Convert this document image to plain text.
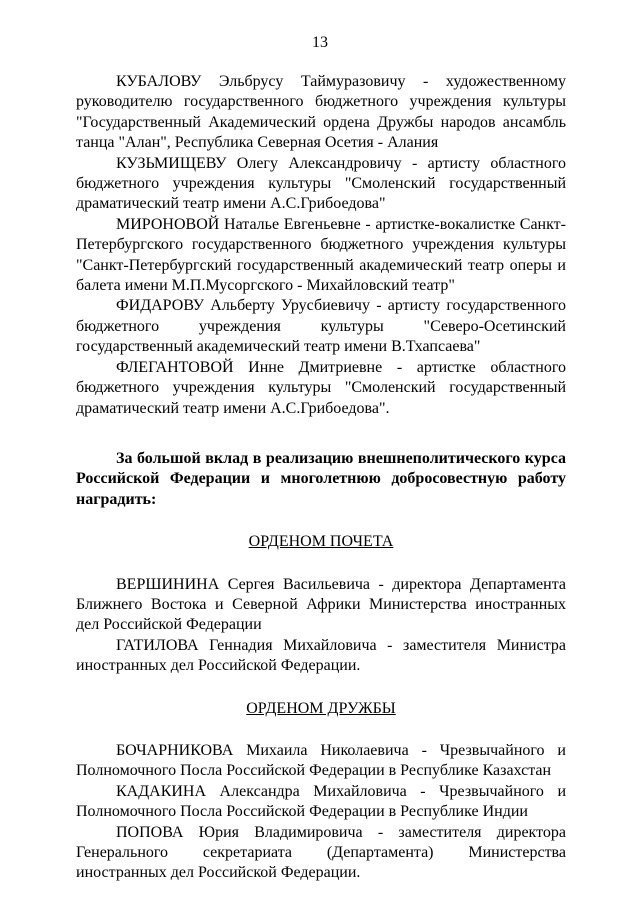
13

КУБАЛОВУ Эльбрусу Таймуразовичу - художественному руководителю государственного бюджетного учреждения культуры "Государственный Академический ордена Дружбы народов ансамбль танца "Алан", Республика Северная Осетия - Алания

КУЗЬМИЩЕВУ Олегу Александровичу - артисту областного бюджетного учреждения культуры "Смоленский государственный драматический театр имени А.С.Грибоедова"

МИРОНОВОЙ Наталье Евгеньевне - артистке-вокалистке Санкт-Петербургского государственного бюджетного учреждения культуры "Санкт-Петербургский государственный академический театр оперы и балета имени М.П.Мусоргского - Михайловский театр"

ФИДАРОВУ Альберту Урусбиевичу - артисту государственного бюджетного учреждения культуры "Северо-Осетинский государственный академический театр имени В.Тхапсаева"

ФЛЕГАНТОВОЙ Инне Дмитриевне - артистке областного бюджетного учреждения культуры "Смоленский государственный драматический театр имени А.С.Грибоедова".

За большой вклад в реализацию внешнеполитического курса Российской Федерации и многолетнюю добросовестную работу наградить:

ОРДЕНОМ ПОЧЕТА

ВЕРШИНИНА Сергея Васильевича - директора Департамента Ближнего Востока и Северной Африки Министерства иностранных дел Российской Федерации

ГАТИЛОВА Геннадия Михайловича - заместителя Министра иностранных дел Российской Федерации.

ОРДЕНОМ ДРУЖБЫ

БОЧАРНИКОВА Михаила Николаевича - Чрезвычайного и Полномочного Посла Российской Федерации в Республике Казахстан

КАДАКИНА Александра Михайловича - Чрезвычайного и Полномочного Посла Российской Федерации в Республике Индии

ПОПОВА Юрия Владимировича - заместителя директора Генерального секретариата (Департамента) Министерства иностранных дел Российской Федерации.
